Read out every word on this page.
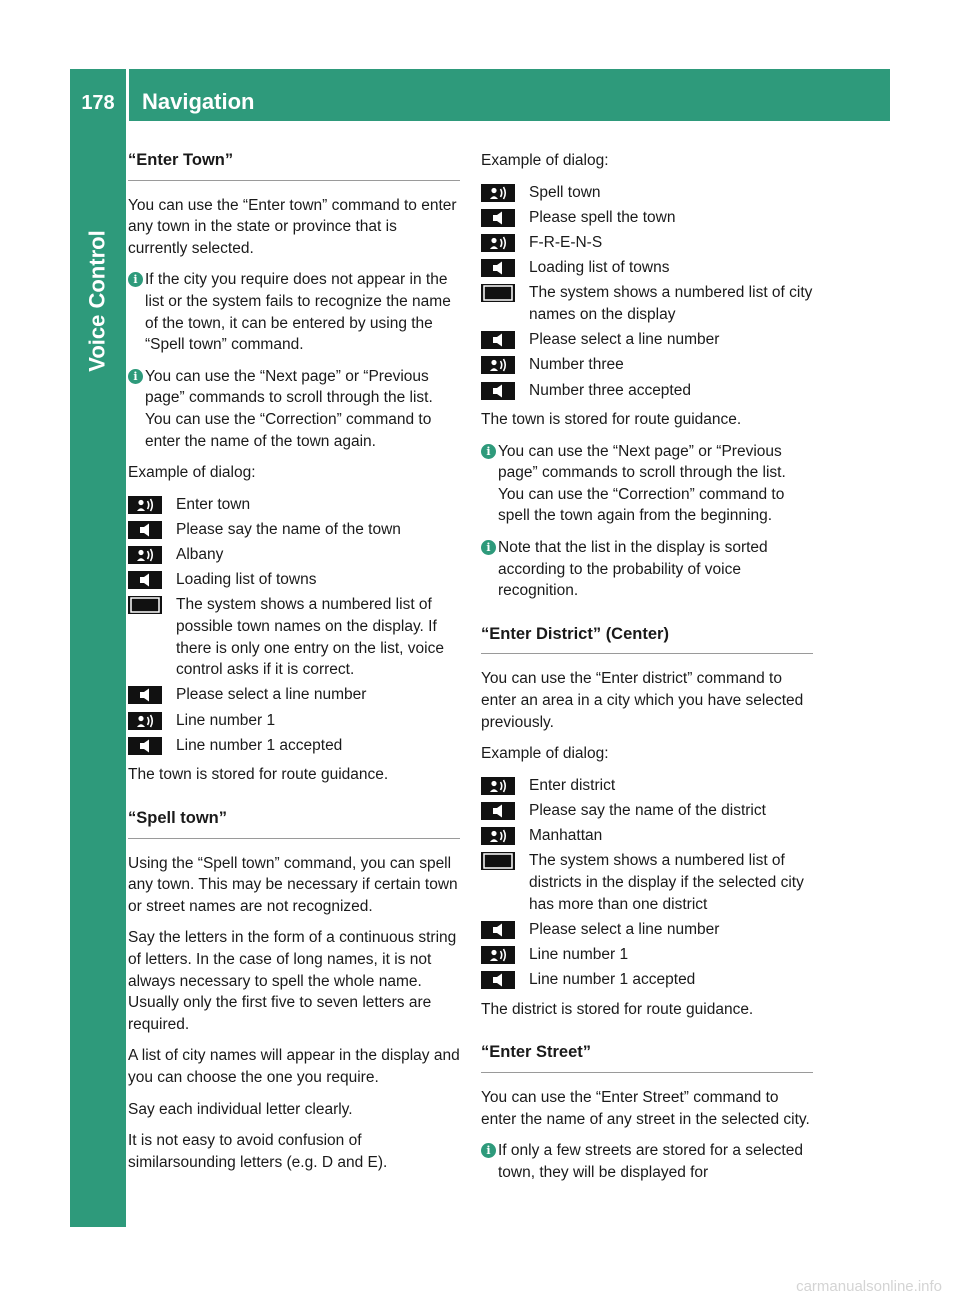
178	Navigation
Voice Control
“Enter Town”

You can use the “Enter town” command to enter any town in the state or province that is currently selected.

i If the city you require does not appear in the list or the system fails to recognize the name of the town, it can be entered by using the “Spell town” command.
i You can use the “Next page” or “Previous page” commands to scroll through the list. You can use the “Correction” command to enter the name of the town again.

Example of dialog:

Enter town
Please say the name of the town
Albany
Loading list of towns
The system shows a numbered list of possible town names on the display. If there is only one entry on the list, voice control asks if it is correct.
Please select a line number
Line number 1
Line number 1 accepted

The town is stored for route guidance.

“Spell town”

Using the “Spell town” command, you can spell any town. This may be necessary if certain town or street names are not recognized.

Say the letters in the form of a continuous string of letters. In the case of long names, it is not always necessary to spell the whole name. Usually only the first five to seven letters are required.

A list of city names will appear in the display and you can choose the one you require.

Say each individual letter clearly.

It is not easy to avoid confusion of similarsounding letters (e.g. D and E).

Example of dialog:

Spell town
Please spell the town
F-R-E-N-S
Loading list of towns
The system shows a numbered list of city names on the display
Please select a line number
Number three
Number three accepted

The town is stored for route guidance.

i You can use the “Next page” or “Previous page” commands to scroll through the list. You can use the “Correction” command to spell the town again from the beginning.
i Note that the list in the display is sorted according to the probability of voice recognition.
“Enter District” (Center)

You can use the “Enter district” command to enter an area in a city which you have selected previously.

Example of dialog:

Enter district
Please say the name of the district
Manhattan
The system shows a numbered list of districts in the display if the selected city has more than one district
Please select a line number
Line number 1
Line number 1 accepted

The district is stored for route guidance.

“Enter Street”

You can use the “Enter Street” command to enter the name of any street in the selected city.

i If only a few streets are stored for a selected town, they will be displayed for
carmanualsonline.info
